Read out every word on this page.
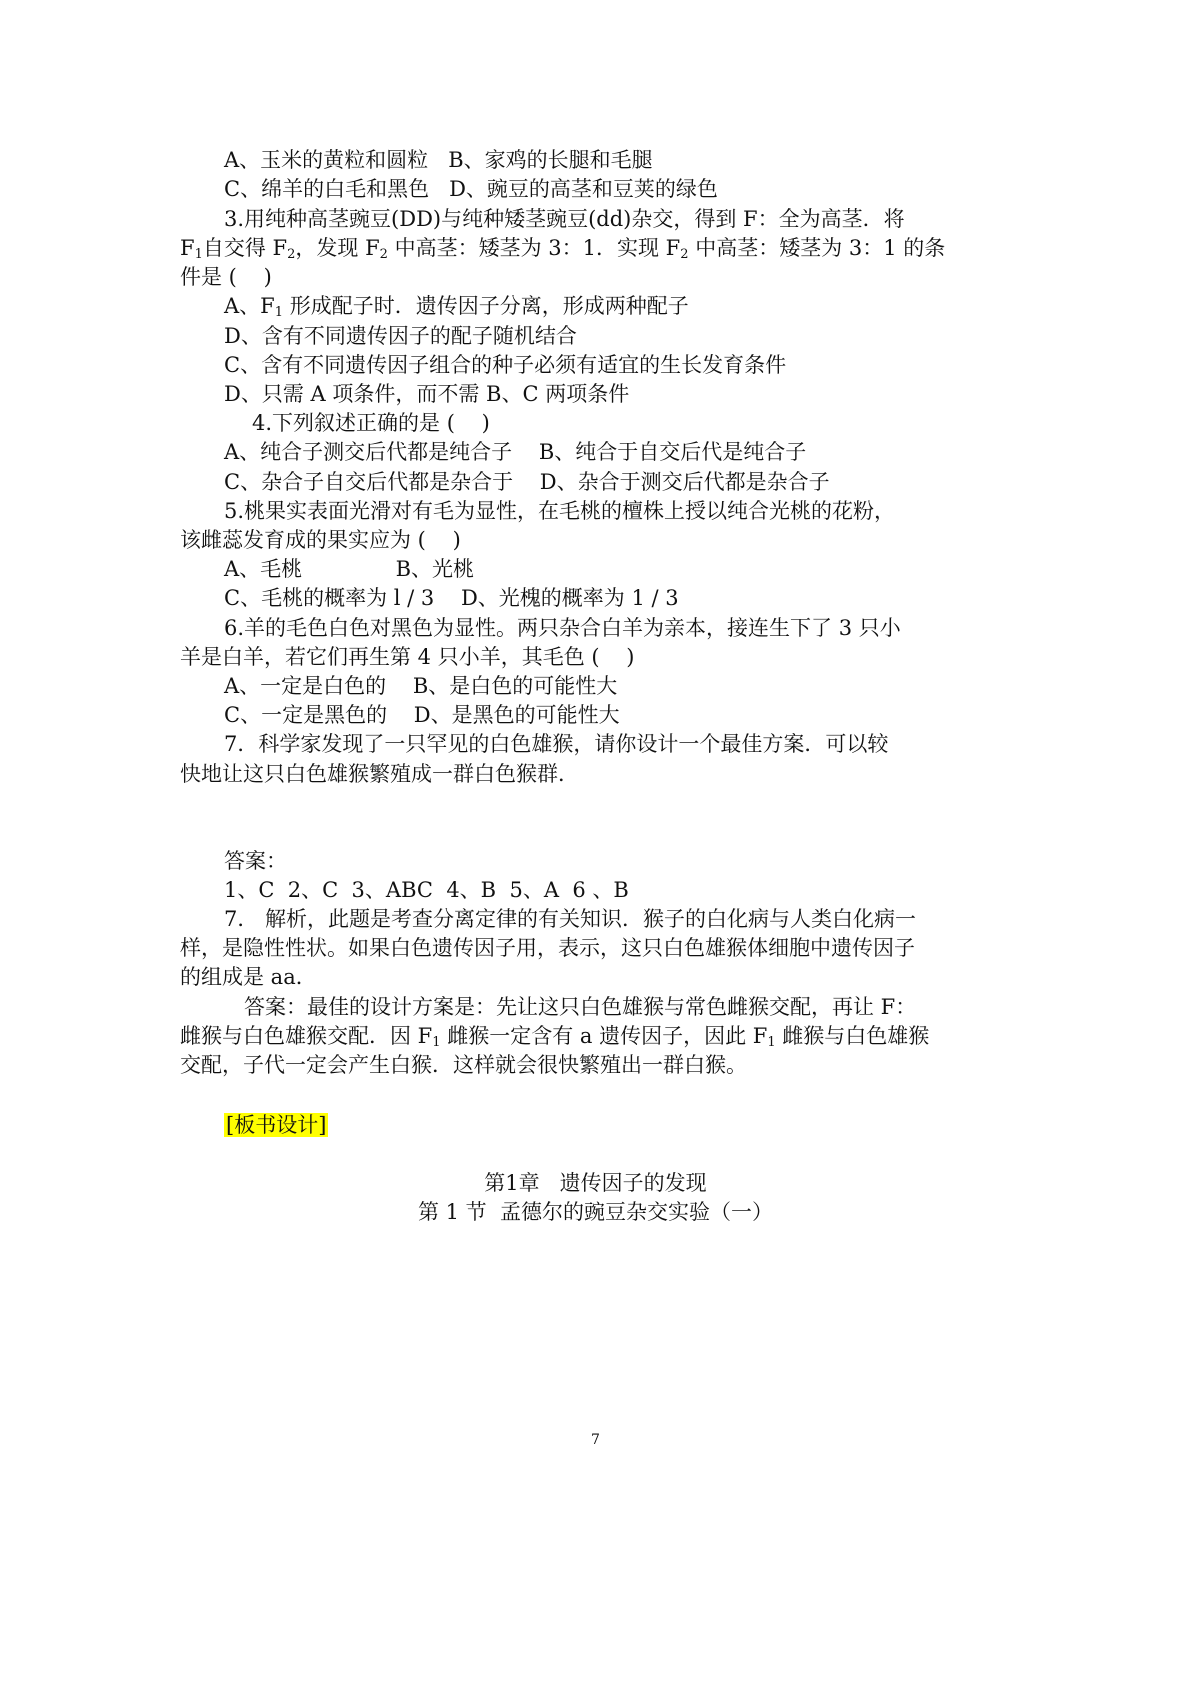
A、玉米的黄粒和圆粒   B、家鸡的长腿和毛腿
C、绵羊的白毛和黑色   D、豌豆的高茎和豆荚的绿色
3.用纯种高茎豌豆(DD)与纯种矮茎豌豆(dd)杂交，得到 F：全为高茎．将
$F_1$自交得 $F_2$，发现 $F_2$ 中高茎：矮茎为 3：1．实现 $F_2$ 中高茎：矮茎为 3：1 的条
件是 (    )
A、$F_1$ 形成配子时．遗传因子分离，形成两种配子
D、含有不同遗传因子的配子随机结合
C、含有不同遗传因子组合的种子必须有适宜的生长发育条件
D、只需 A 项条件，而不需 B、C 两项条件
4.下列叙述正确的是 (    )
A、纯合子测交后代都是纯合子    B、纯合于自交后代是纯合子
C、杂合子自交后代都是杂合于    D、杂合于测交后代都是杂合子
5.桃果实表面光滑对有毛为显性，在毛桃的檀株上授以纯合光桃的花粉，
该雌蕊发育成的果实应为 (    )
A、毛桃              B、光桃
C、毛桃的概率为 l / 3    D、光槐的概率为 1 / 3
6.羊的毛色白色对黑色为显性。两只杂合白羊为亲本，接连生下了 3 只小
羊是白羊，若它们再生第 4 只小羊，其毛色 (    )
A、一定是白色的    B、是白色的可能性大
C、一定是黑色的    D、是黑色的可能性大
7．科学家发现了一只罕见的白色雄猴，请你设计一个最佳方案．可以较
快地让这只白色雄猴繁殖成一群白色猴群．
答案：
1、C  2、C  3、ABC  4、B  5、A  6 、B
7． 解析，此题是考查分离定律的有关知识．猴子的白化病与人类白化病一
样，是隐性性状。如果白色遗传因子用，表示，这只白色雄猴体细胞中遗传因子
的组成是 aa．
答案：最佳的设计方案是：先让这只白色雄猴与常色雌猴交配，再让 F：
雌猴与白色雄猴交配．因 $F_1$ 雌猴一定含有 a 遗传因子，因此 $F_1$ 雌猴与白色雄猴
交配，子代一定会产生白猴．这样就会很快繁殖出一群白猴。
[板书设计]
第1章   遗传因子的发现
第 1 节  孟德尔的豌豆杂交实验（一）
7
